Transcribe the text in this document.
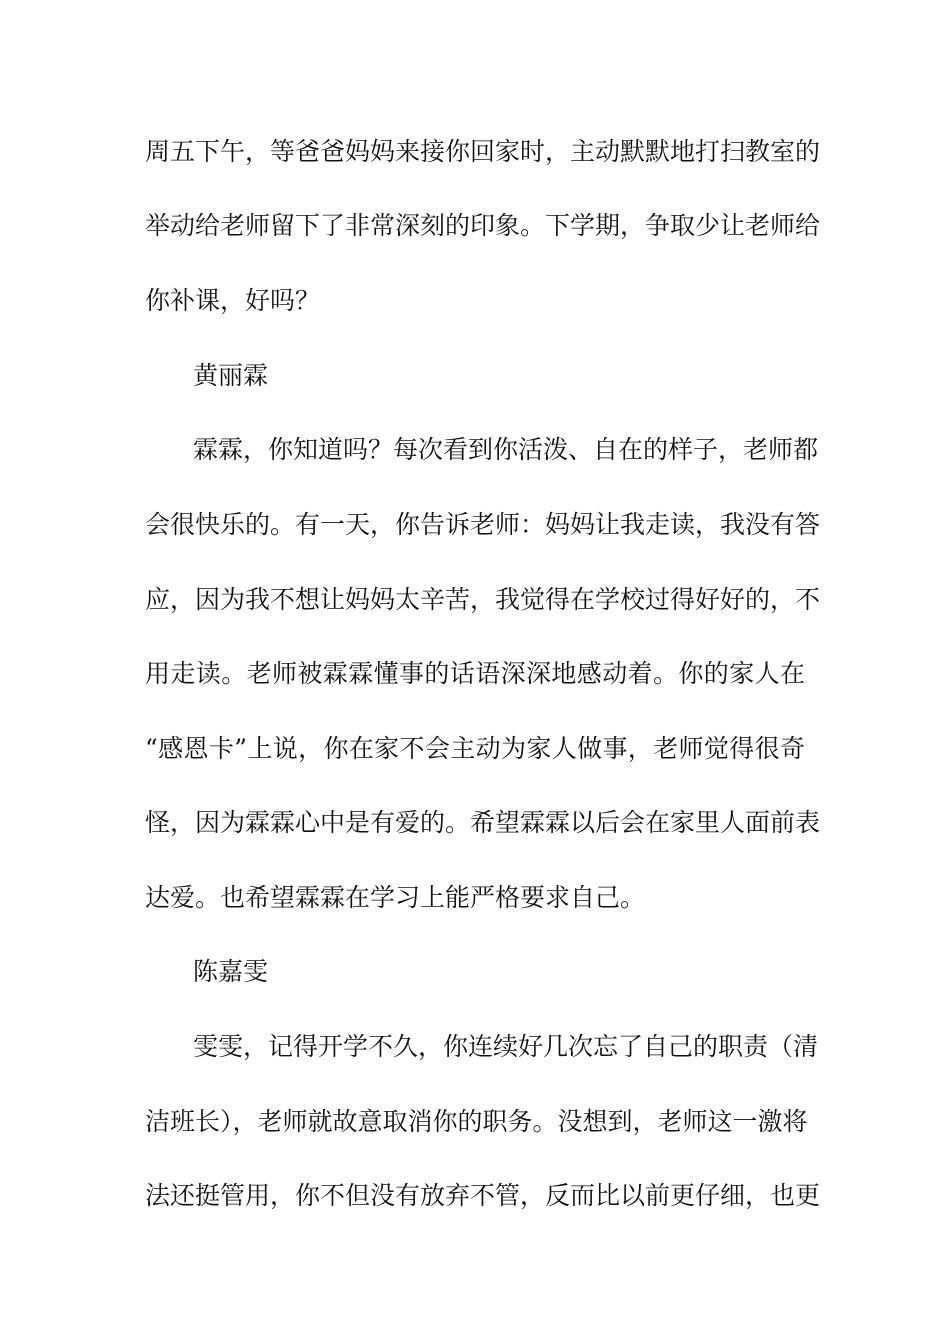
周五下午，等爸爸妈妈来接你回家时，主动默默地打扫教室的
举动给老师留下了非常深刻的印象。下学期，争取少让老师给
你补课，好吗？
黄丽霖
霖霖，你知道吗？每次看到你活泼、自在的样子，老师都
会很快乐的。有一天，你告诉老师：妈妈让我走读，我没有答
应，因为我不想让妈妈太辛苦，我觉得在学校过得好好的，不
用走读。老师被霖霖懂事的话语深深地感动着。你的家人在
“感恩卡”上说，你在家不会主动为家人做事，老师觉得很奇
怪，因为霖霖心中是有爱的。希望霖霖以后会在家里人面前表
达爱。也希望霖霖在学习上能严格要求自己。
陈嘉雯
雯雯，记得开学不久，你连续好几次忘了自己的职责（清
洁班长），老师就故意取消你的职务。没想到，老师这一激将
法还挺管用，你不但没有放弃不管，反而比以前更仔细，也更
